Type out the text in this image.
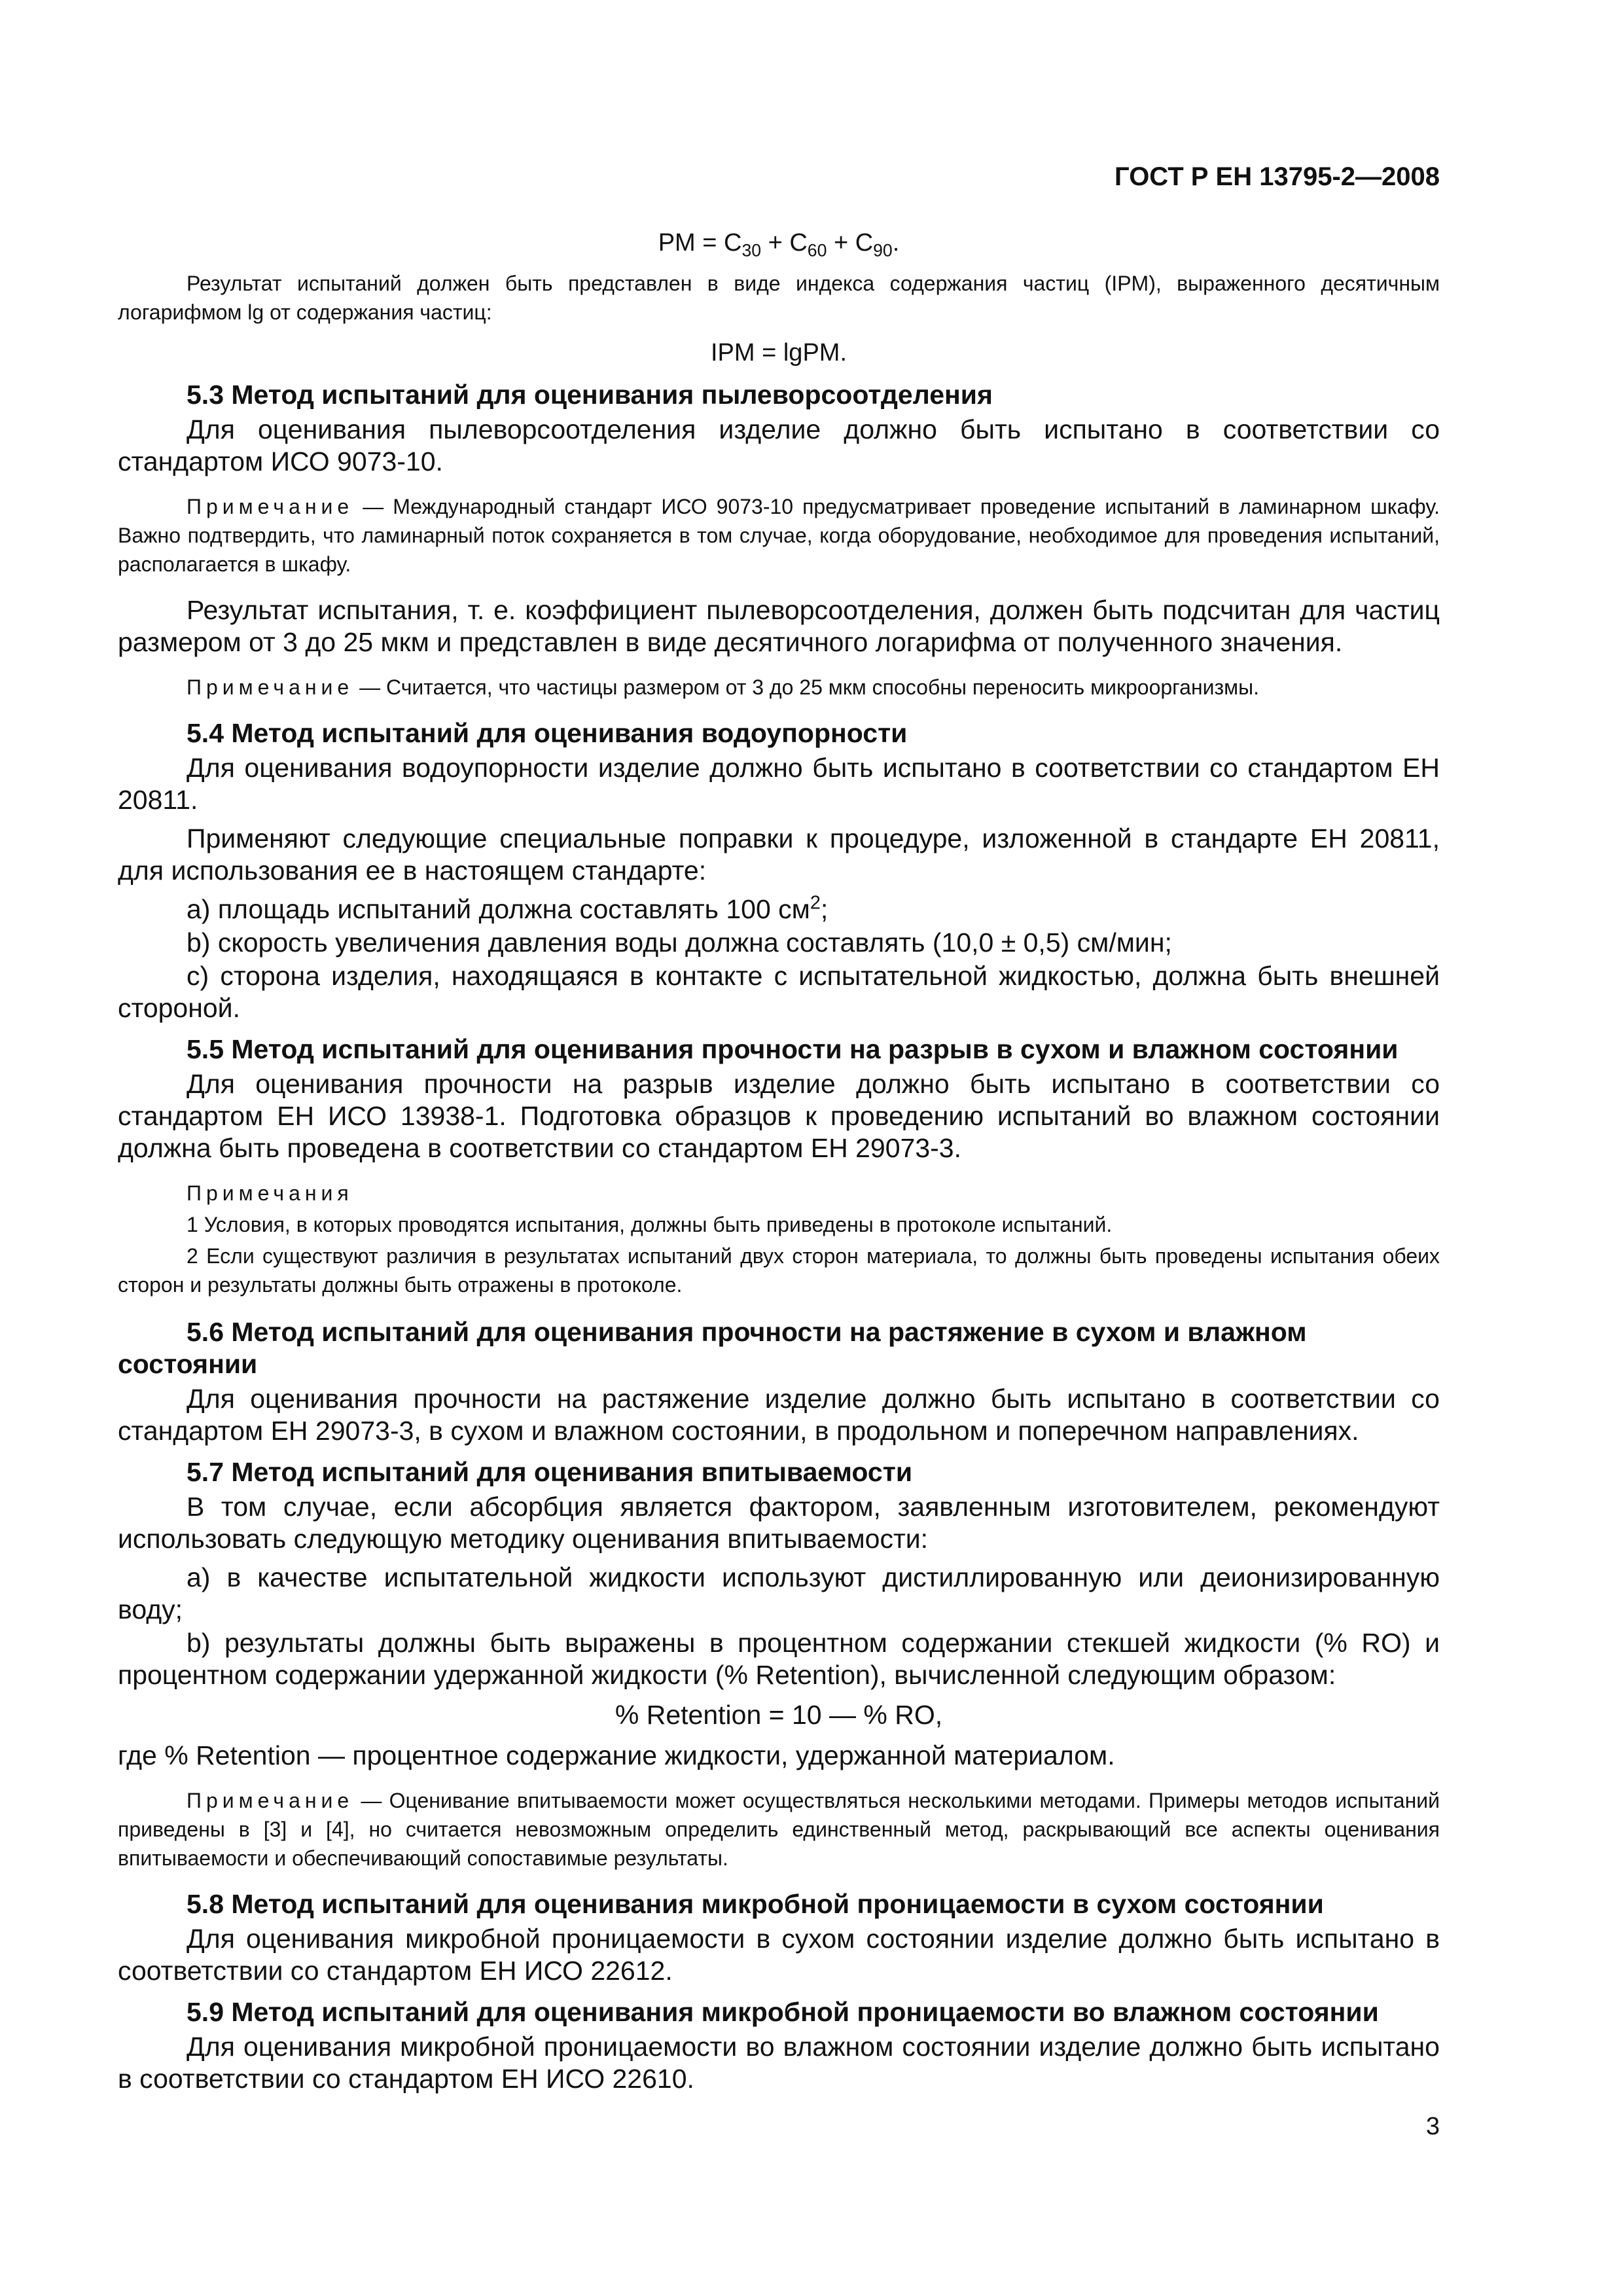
ГОСТ Р ЕН 13795-2—2008
PM = $C_{30} + C_{60} + C_{90}$.
Результат испытаний должен быть представлен в виде индекса содержания частиц (IPM), выраженного десятичным логарифмом lg от содержания частиц:
IPM = lgPM.
5.3 Метод испытаний для оценивания пылеворсоотделения
Для оценивания пылеворсоотделения изделие должно быть испытано в соответствии со стандартом ИСО 9073-10.
Примечание — Международный стандарт ИСО 9073-10 предусматривает проведение испытаний в ламинарном шкафу. Важно подтвердить, что ламинарный поток сохраняется в том случае, когда оборудование, необходимое для проведения испытаний, располагается в шкафу.
Результат испытания, т. е. коэффициент пылеворсоотделения, должен быть подсчитан для частиц размером от 3 до 25 мкм и представлен в виде десятичного логарифма от полученного значения.
Примечание — Считается, что частицы размером от 3 до 25 мкм способны переносить микроорганизмы.
5.4 Метод испытаний для оценивания водоупорности
Для оценивания водоупорности изделие должно быть испытано в соответствии со стандартом ЕН 20811.
Применяют следующие специальные поправки к процедуре, изложенной в стандарте ЕН 20811, для использования ее в настоящем стандарте:
a) площадь испытаний должна составлять 100 $см^2$;
b) скорость увеличения давления воды должна составлять (10,0 ± 0,5) см/мин;
c) сторона изделия, находящаяся в контакте с испытательной жидкостью, должна быть внешней стороной.
5.5 Метод испытаний для оценивания прочности на разрыв в сухом и влажном состоянии
Для оценивания прочности на разрыв изделие должно быть испытано в соответствии со стандартом ЕН ИСО 13938-1. Подготовка образцов к проведению испытаний во влажном состоянии должна быть проведена в соответствии со стандартом ЕН 29073-3.
Примечания
1 Условия, в которых проводятся испытания, должны быть приведены в протоколе испытаний.
2 Если существуют различия в результатах испытаний двух сторон материала, то должны быть проведены испытания обеих сторон и результаты должны быть отражены в протоколе.
5.6 Метод испытаний для оценивания прочности на растяжение в сухом и влажном состоянии
Для оценивания прочности на растяжение изделие должно быть испытано в соответствии со стандартом ЕН 29073-3, в сухом и влажном состоянии, в продольном и поперечном направлениях.
5.7 Метод испытаний для оценивания впитываемости
В том случае, если абсорбция является фактором, заявленным изготовителем, рекомендуют использовать следующую методику оценивания впитываемости:
a) в качестве испытательной жидкости используют дистиллированную или деионизированную воду;
b) результаты должны быть выражены в процентном содержании стекшей жидкости (% RO) и процентном содержании удержанной жидкости (% Retention), вычисленной следующим образом:
% Retention = 10 — % RO,
где % Retention — процентное содержание жидкости, удержанной материалом.
Примечание — Оценивание впитываемости может осуществляться несколькими методами. Примеры методов испытаний приведены в [3] и [4], но считается невозможным определить единственный метод, раскрывающий все аспекты оценивания впитываемости и обеспечивающий сопоставимые результаты.
5.8 Метод испытаний для оценивания микробной проницаемости в сухом состоянии
Для оценивания микробной проницаемости в сухом состоянии изделие должно быть испытано в соответствии со стандартом ЕН ИСО 22612.
5.9 Метод испытаний для оценивания микробной проницаемости во влажном состоянии
Для оценивания микробной проницаемости во влажном состоянии изделие должно быть испытано в соответствии со стандартом ЕН ИСО 22610.
3
